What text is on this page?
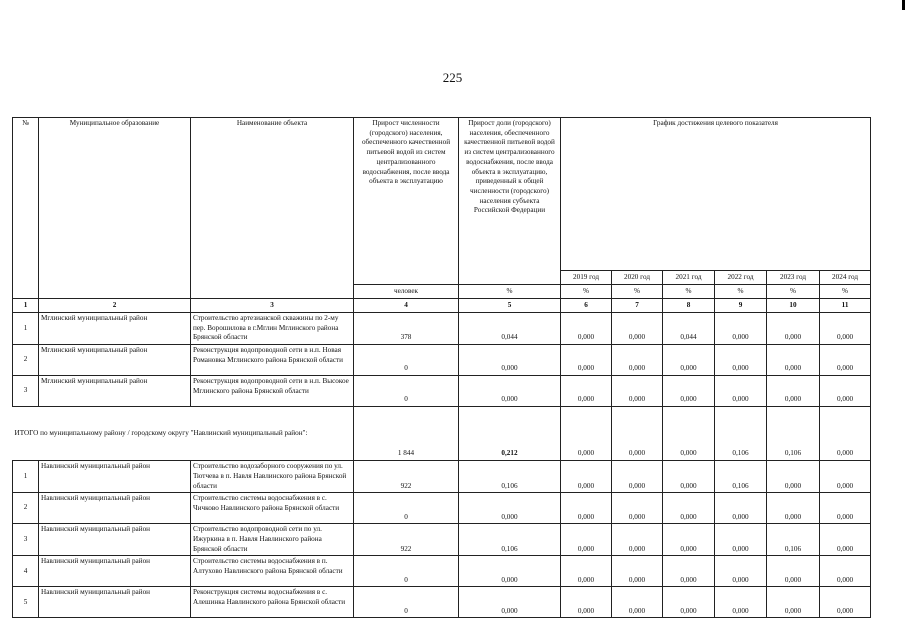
225
№	Муниципальное образование	Наименование объекта	Прирост численности (городского) населения, обеспеченного качественной питьевой водой из систем централизованного водоснабжения, после ввода объекта в эксплуатацию	Прирост доли (городского) населения, обеспеченного качественной питьевой водой из систем централизованного водоснабжения, после ввода объекта в эксплуатацию, приведенный к общей численности (городского) населения субъекта Российской Федерации	График достижения целевого показателя					
					2019 год	2020 год	2021 год	2022 год	2023 год	2024 год
			человек	%	%	%	%	%	%	%
1	2	3	4	5	6	7	8	9	10	11
1	Мглинский муниципальный район	Строительство артезианской скважины по 2-му пер. Ворошилова в г.Мглин Мглинского района Брянской области	378	0,044	0,000	0,000	0,044	0,000	0,000	0,000
2	Мглинский муниципальный район	Реконструкция водопроводной сети в н.п. Новая Романовка Мглинского района Брянской области	0	0,000	0,000	0,000	0,000	0,000	0,000	0,000
3	Мглинский муниципальный район	Реконструкция водопроводной сети в н.п. Высокое Мглинского района Брянской области	0	0,000	0,000	0,000	0,000	0,000	0,000	0,000
ИТОГО по муниципальному району / городскому округу "Навлинский муниципальный район":			1 844	0,212	0,000	0,000	0,000	0,106	0,106	0,000
1	Навлинский муниципальный район	Строительство водозаборного сооружения по ул. Тютчева в п. Навля Навлинского района Брянской области	922	0,106	0,000	0,000	0,000	0,106	0,000	0,000
2	Навлинский муниципальный район	Строительство системы водоснабжения в с. Чичково Навлинского района Брянской области	0	0,000	0,000	0,000	0,000	0,000	0,000	0,000
3	Навлинский муниципальный район	Строительство водопроводной сети по ул. Ижуркина в п. Навля Навлинского района Брянской области	922	0,106	0,000	0,000	0,000	0,000	0,106	0,000
4	Навлинский муниципальный район	Строительство системы водоснабжения в п. Алтухово Навлинского района Брянской области	0	0,000	0,000	0,000	0,000	0,000	0,000	0,000
5	Навлинский муниципальный район	Реконструкция системы водоснабжения в с. Алешинка Навлинского района Брянской области	0	0,000	0,000	0,000	0,000	0,000	0,000	0,000
